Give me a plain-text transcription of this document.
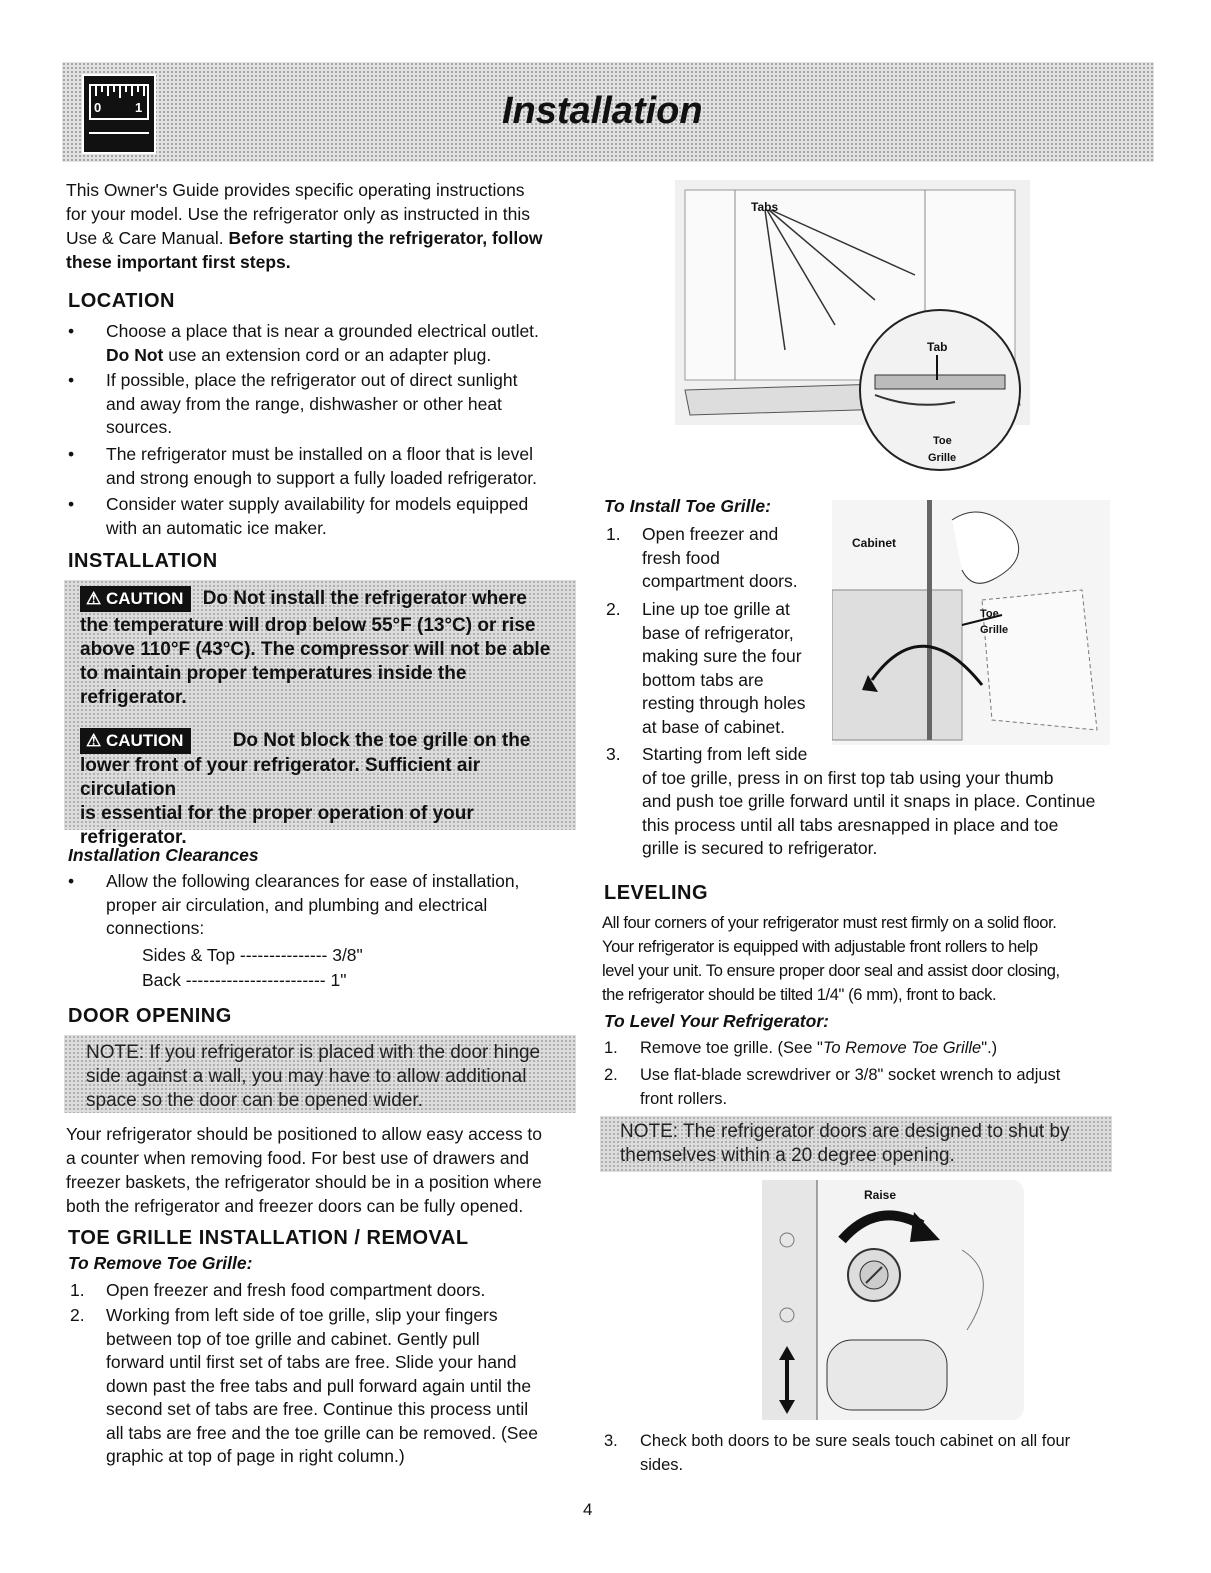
0	1	Installation

This Owner's Guide provides specific operating instructions

for your model. Use the refrigerator only as instructed in this

Use & Care Manual. Before starting the refrigerator, follow

these important first steps.

LOCATION

• Choose a place that is near a grounded electrical outlet.
Do Not use an extension cord or an adapter plug.
• If possible, place the refrigerator out of direct sunlight
and away from the range, dishwasher or other heat
sources.
• The refrigerator must be installed on a floor that is level
and strong enough to support a fully loaded refrigerator.
• Consider water supply availability for models equipped
with an automatic ice maker.

INSTALLATION

⚠ CAUTION Do Not install the refrigerator where
the temperature will drop below 55°F (13°C) or rise
above 110°F (43°C). The compressor will not be able
to maintain proper temperatures inside the
refrigerator.
⚠ CAUTION	Do Not block the toe grille on the
lower front of your refrigerator. Sufficient air circulation
is essential for the proper operation of your
refrigerator.

Installation Clearances

• Allow the following clearances for ease of installation,
proper air circulation, and plumbing and electrical
connections:

Sides & Top --------------- 3/8"

Back ------------------------ 1"

DOOR OPENING

NOTE: If you refrigerator is placed with the door hinge
side against a wall, you may have to allow additional
space so the door can be opened wider.

Your refrigerator should be positioned to allow easy access to

a counter when removing food. For best use of drawers and

freezer baskets, the refrigerator should be in a position where

both the refrigerator and freezer doors can be fully opened.

TOE GRILLE INSTALLATION / REMOVAL

To Remove Toe Grille:

1. Open freezer and fresh food compartment doors.
2. Working from left side of toe grille, slip your fingers
between top of toe grille and cabinet. Gently pull
forward until first set of tabs are free. Slide your hand
down past the free tabs and pull forward again until the
second set of tabs are free. Continue this process until
all tabs are free and the toe grille can be removed. (See
graphic at top of page in right column.)
Tabs
Tab
Toe
Grille

To Install Toe Grille:

1. Open freezer and
fresh food
compartment doors.
2. Line up toe grille at
base of refrigerator,
making sure the four
bottom tabs are
resting through holes
at base of cabinet.
3. Starting from left side
of toe grille, press in on first top tab using your thumb
and push toe grille forward until it snaps in place. Continue
this process until all tabs aresnapped in place and toe
grille is secured to refrigerator.
Cabinet
Toe
Grille

LEVELING

All four corners of your refrigerator must rest firmly on a solid floor.

Your refrigerator is equipped with adjustable front rollers to help

level your unit. To ensure proper door seal and assist door closing,

the refrigerator should be tilted 1/4" (6 mm), front to back.

To Level Your Refrigerator:

1. Remove toe grille. (See "To Remove Toe Grille".)
2. Use flat-blade screwdriver or 3/8" socket wrench to adjust
front rollers.
NOTE: The refrigerator doors are designed to shut by
themselves within a 20 degree opening.
Raise
3. Check both doors to be sure seals touch cabinet on all four
sides.
4
